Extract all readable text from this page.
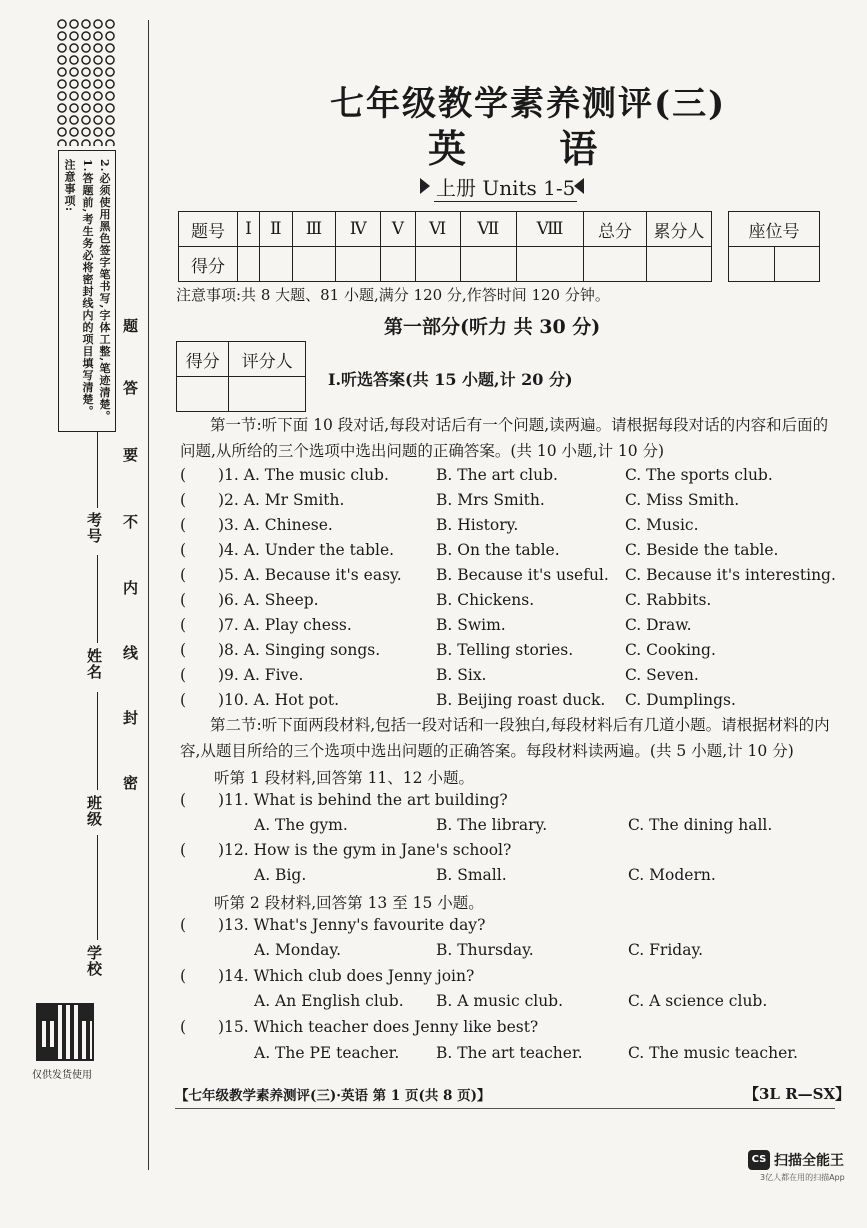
注意事项: 1.答题前,考生务必将密封线内的项目填写清楚。 2.必须使用黑色签字笔书写,字体工整,笔迹清楚。 题
答
要
不
内
线
封
密
考号
姓名
班级
学校
仅供发货使用
七年级教学素养测评(三)
英 语
上册 Units 1-5
题号	Ⅰ	Ⅱ	Ⅲ	Ⅳ	Ⅴ	Ⅵ	Ⅶ	Ⅷ	总分	累分人
得分										
座位号

注意事项:共 8 大题、81 小题,满分 120 分,作答时间 120 分钟。
第一部分(听力 共 30 分)
得分	评分人

Ⅰ.听选答案(共 15 小题,计 20 分)
第一节:听下面 10 段对话,每段对话后有一个问题,读两遍。请根据每段对话的内容和后面的问题,从所给的三个选项中选出问题的正确答案。(共 10 小题,计 10 分)
( )1. A. The music club.	B. The art club.	C. The sports club.
( )2. A. Mr Smith.	B. Mrs Smith.	C. Miss Smith.
( )3. A. Chinese.	B. History.	C. Music.
( )4. A. Under the table.	B. On the table.	C. Beside the table.
( )5. A. Because it's easy. B. Because it's useful. C. Because it's interesting.
( )6. A. Sheep.	B. Chickens.	C. Rabbits.
( )7. A. Play chess.	B. Swim.	C. Draw.
( )8. A. Singing songs.	B. Telling stories.	C. Cooking.
( )9. A. Five.	B. Six.	C. Seven.
( )10. A. Hot pot.	B. Beijing roast duck. C. Dumplings.
第二节:听下面两段材料,包括一段对话和一段独白,每段材料后有几道小题。请根据材料的内容,从题目所给的三个选项中选出问题的正确答案。每段材料读两遍。(共 5 小题,计 10 分)
听第 1 段材料,回答第 11、12 小题。
听第 2 段材料,回答第 13 至 15 小题。
( )11. What is behind the art building?
A. The gym.	B. The library.	C. The dining hall.
( )12. How is the gym in Jane's school?
A. Big.	B. Small.	C. Modern.
( )13. What's Jenny's favourite day?
A. Monday.	B. Thursday.	C. Friday.
( )14. Which club does Jenny join?
A. An English club. B. A music club.	C. A science club.
( )15. Which teacher does Jenny like best?
A. The PE teacher. B. The art teacher.	C. The music teacher.
【七年级教学素养测评(三)·英语 第 1 页(共 8 页)】	【3L R—SX】
CS 扫描全能王
3亿人都在用的扫描App
